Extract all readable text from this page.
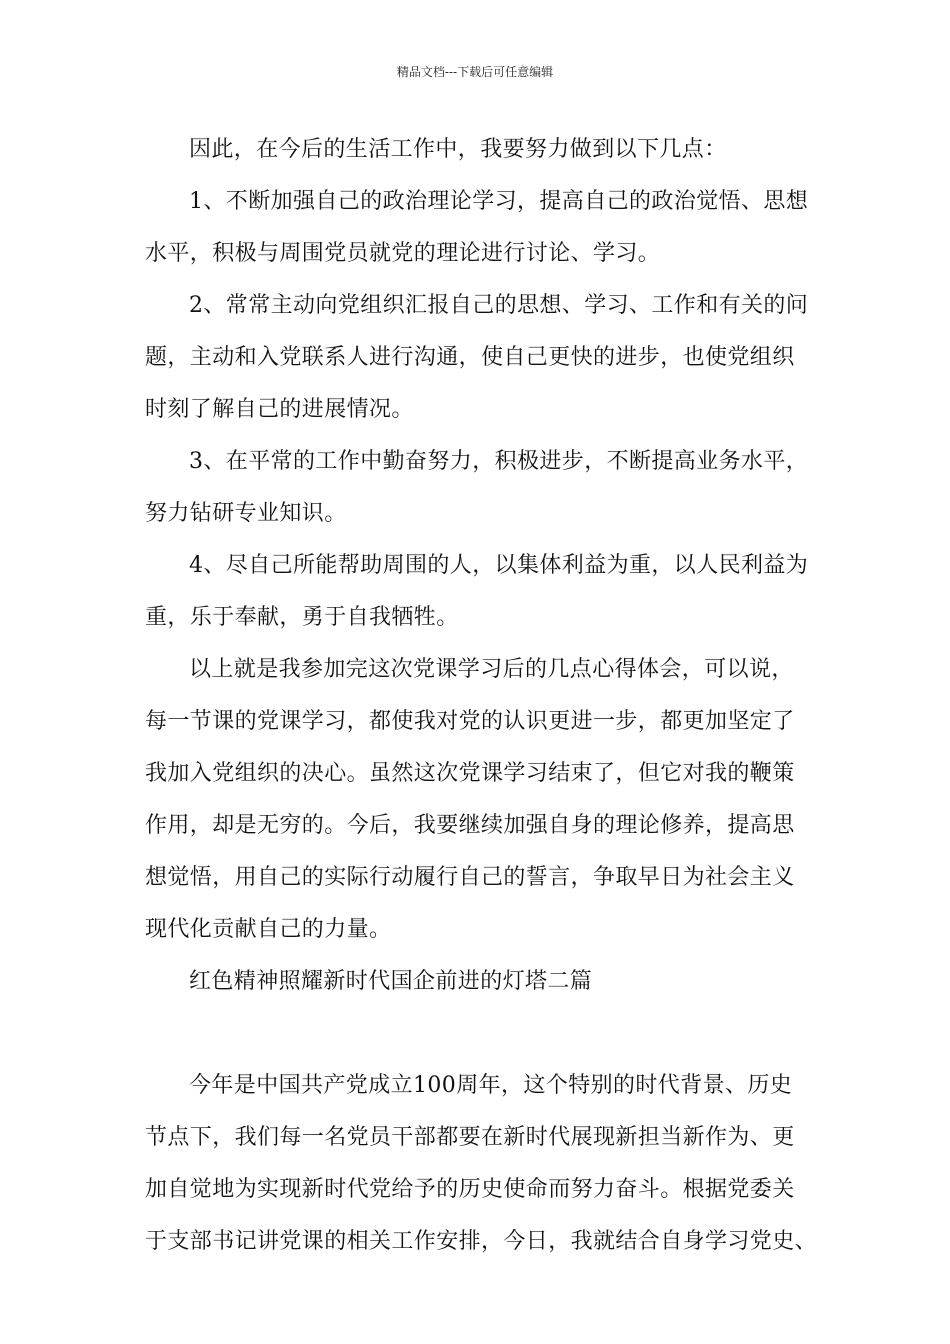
精品文档---下载后可任意编辑
因此，在今后的生活工作中，我要努力做到以下几点：
1、不断加强自己的政治理论学习，提高自己的政治觉悟、思想
水平，积极与周围党员就党的理论进行讨论、学习。
2、常常主动向党组织汇报自己的思想、学习、工作和有关的问
题，主动和入党联系人进行沟通，使自己更快的进步，也使党组织
时刻了解自己的进展情况。
3、在平常的工作中勤奋努力，积极进步，不断提高业务水平，
努力钻研专业知识。
4、尽自己所能帮助周围的人，以集体利益为重，以人民利益为
重，乐于奉献，勇于自我牺牲。
以上就是我参加完这次党课学习后的几点心得体会，可以说，
每一节课的党课学习，都使我对党的认识更进一步，都更加坚定了
我加入党组织的决心。虽然这次党课学习结束了，但它对我的鞭策
作用，却是无穷的。今后，我要继续加强自身的理论修养，提高思
想觉悟，用自己的实际行动履行自己的誓言，争取早日为社会主义
现代化贡献自己的力量。
红色精神照耀新时代国企前进的灯塔二篇
今年是中国共产党成立100周年，这个特别的时代背景、历史
节点下，我们每一名党员干部都要在新时代展现新担当新作为、更
加自觉地为实现新时代党给予的历史使命而努力奋斗。根据党委关
于支部书记讲党课的相关工作安排，今日，我就结合自身学习党史、
